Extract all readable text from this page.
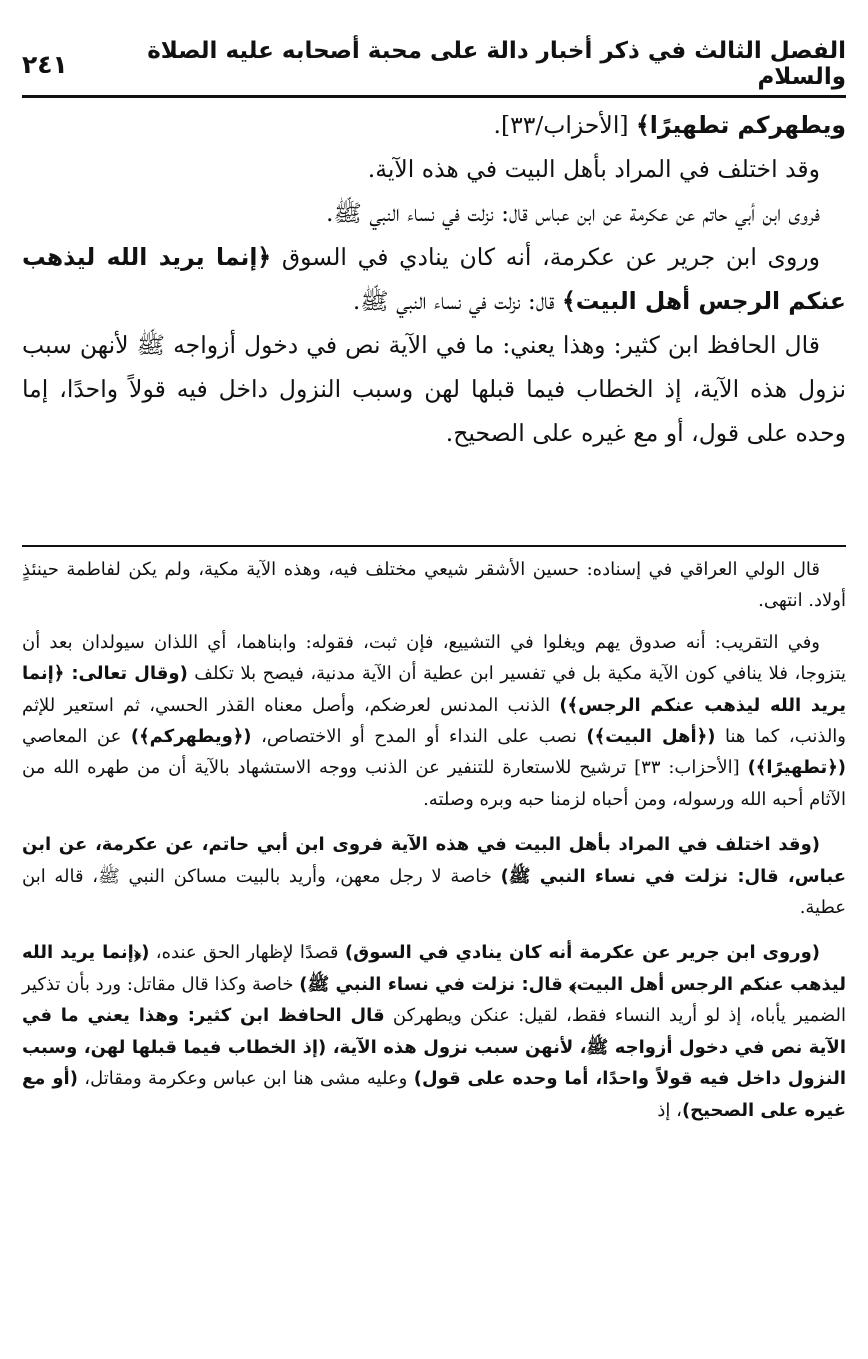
الفصل الثالث في ذكر أخبار دالة على محبة أصحابه عليه الصلاة والسلام
٢٤١

ويطهركم تطهيرًا﴾ [الأحزاب/٣٣].

وقد اختلف في المراد بأهل البيت في هذه الآية.

فروى ابن أبي حاتم عن عكرمة عن ابن عباس قال: نزلت في نساء النبي ﷺ.

وروى ابن جرير عن عكرمة، أنه كان ينادي في السوق ﴿إنما يريد الله ليذهب عنكم الرجس أهل البيت﴾ قال: نزلت في نساء النبي ﷺ.

قال الحافظ ابن كثير: وهذا يعني: ما في الآية نص في دخول أزواجه ﷺ لأنهن سبب نزول هذه الآية، إذ الخطاب فيما قبلها لهن وسبب النزول داخل فيه قولاً واحدًا، إما وحده على قول، أو مع غيره على الصحيح.

قال الولي العراقي في إسناده: حسين الأشقر شيعي مختلف فيه، وهذه الآية مكية، ولم يكن لفاطمة حينئذٍ أولاد. انتهى.

وفي التقريب: أنه صدوق يهم ويغلوا في التشييع، فإن ثبت، فقوله: وابناهما، أي اللذان سيولدان بعد أن يتزوجا، فلا ينافي كون الآية مكية بل في تفسير ابن عطية أن الآية مدنية، فيصح بلا تكلف (وقال تعالى: ﴿إنما يريد الله ليذهب عنكم الرجس﴾) الذنب المدنس لعرضكم، وأصل معناه القذر الحسي، ثم استعير للإثم والذنب، كما هنا (﴿أهل البيت﴾) نصب على النداء أو المدح أو الاختصاص، (﴿ويطهركم﴾) عن المعاصي (﴿تطهيرًا﴾) [الأحزاب: ٣٣] ترشيح للاستعارة للتنفير عن الذنب ووجه الاستشهاد بالآية أن من طهره الله من الآثام أحبه الله ورسوله، ومن أحباه لزمنا حبه وبره وصلته.

(وقد اختلف في المراد بأهل البيت في هذه الآية فروى ابن أبي حاتم، عن عكرمة، عن ابن عباس، قال: نزلت في نساء النبي ﷺ) خاصة لا رجل معهن، وأريد بالبيت مساكن النبي ﷺ، قاله ابن عطية.

(وروى ابن جرير عن عكرمة أنه كان ينادي في السوق) قصدًا لإظهار الحق عنده، (﴿إنما يريد الله ليذهب عنكم الرجس أهل البيت﴾ قال: نزلت في نساء النبي ﷺ) خاصة وكذا قال مقاتل: ورد بأن تذكير الضمير يأباه، إذ لو أريد النساء فقط، لقيل: عنكن ويطهركن قال الحافظ ابن كثير: وهذا يعني ما في الآية نص في دخول أزواجه ﷺ، لأنهن سبب نزول هذه الآية، (إذ الخطاب فيما قبلها لهن، وسبب النزول داخل فيه قولاً واحدًا، أما وحده على قول) وعليه مشى هنا ابن عباس وعكرمة ومقاتل، (أو مع غيره على الصحيح)، إذ
